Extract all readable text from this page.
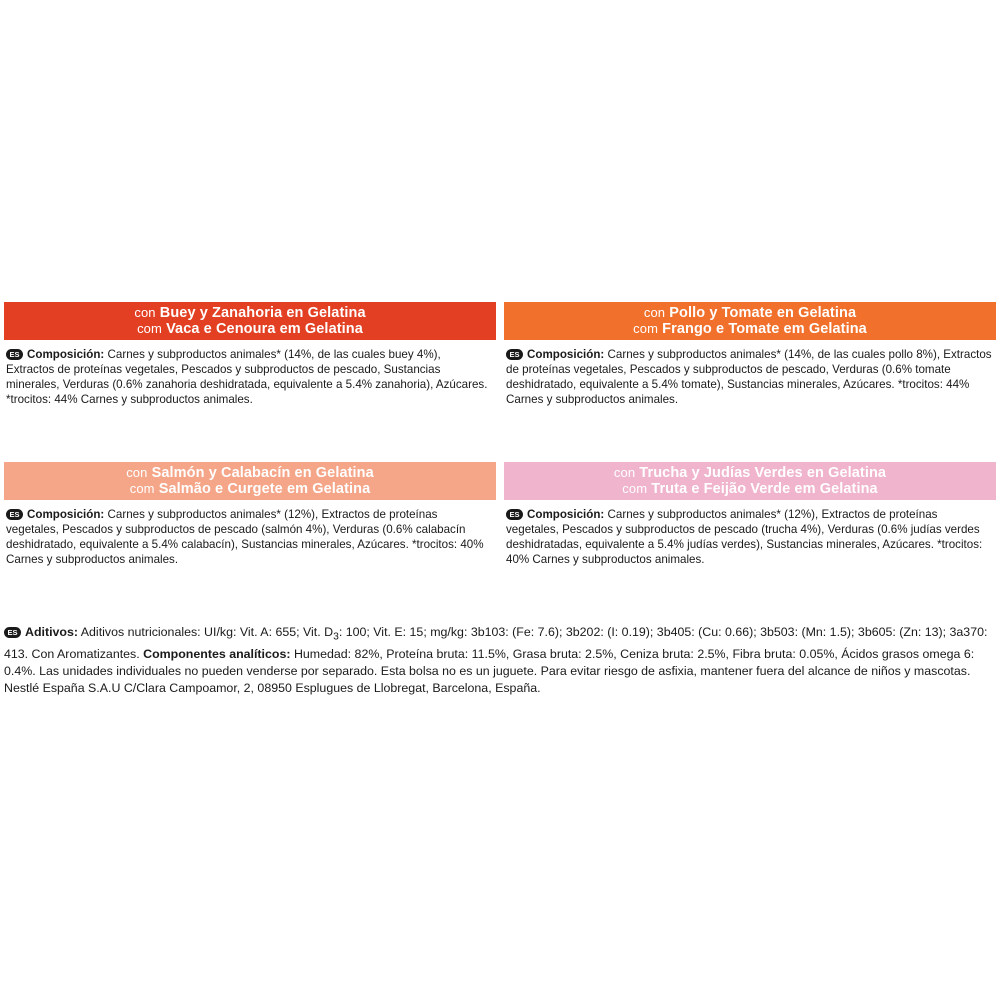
con Buey y Zanahoria en Gelatina
com Vaca e Cenoura em Gelatina
ES Composición: Carnes y subproductos animales* (14%, de las cuales buey 4%), Extractos de proteínas vegetales, Pescados y subproductos de pescado, Sustancias minerales, Verduras (0.6% zanahoria deshidratada, equivalente a 5.4% zanahoria), Azúcares. *trocitos: 44% Carnes y subproductos animales.
con Pollo y Tomate en Gelatina
com Frango e Tomate em Gelatina
ES Composición: Carnes y subproductos animales* (14%, de las cuales pollo 8%), Extractos de proteínas vegetales, Pescados y subproductos de pescado, Verduras (0.6% tomate deshidratado, equivalente a 5.4% tomate), Sustancias minerales, Azúcares. *trocitos: 44% Carnes y subproductos animales.
con Salmón y Calabacín en Gelatina
com Salmão e Curgete em Gelatina
ES Composición: Carnes y subproductos animales* (12%), Extractos de proteínas vegetales, Pescados y subproductos de pescado (salmón 4%), Verduras (0.6% calabacín deshidratado, equivalente a 5.4% calabacín), Sustancias minerales, Azúcares. *trocitos: 40% Carnes y subproductos animales.
con Trucha y Judías Verdes en Gelatina
com Truta e Feijão Verde em Gelatina
ES Composición: Carnes y subproductos animales* (12%), Extractos de proteínas vegetales, Pescados y subproductos de pescado (trucha 4%), Verduras (0.6% judías verdes deshidratadas, equivalente a 5.4% judías verdes), Sustancias minerales, Azúcares. *trocitos: 40% Carnes y subproductos animales.
ES Aditivos: Aditivos nutricionales: UI/kg: Vit. A: 655; Vit. $D_3$: 100; Vit. E: 15; mg/kg: 3b103: (Fe: 7.6); 3b202: (I: 0.19); 3b405: (Cu: 0.66); 3b503: (Mn: 1.5); 3b605: (Zn: 13); 3a370: 413. Con Aromatizantes. Componentes analíticos: Humedad: 82%, Proteína bruta: 11.5%, Grasa bruta: 2.5%, Ceniza bruta: 2.5%, Fibra bruta: 0.05%, Ácidos grasos omega 6: 0.4%. Las unidades individuales no pueden venderse por separado. Esta bolsa no es un juguete. Para evitar riesgo de asfixia, mantener fuera del alcance de niños y mascotas. Nestlé España S.A.U C/Clara Campoamor, 2, 08950 Esplugues de Llobregat, Barcelona, España.
